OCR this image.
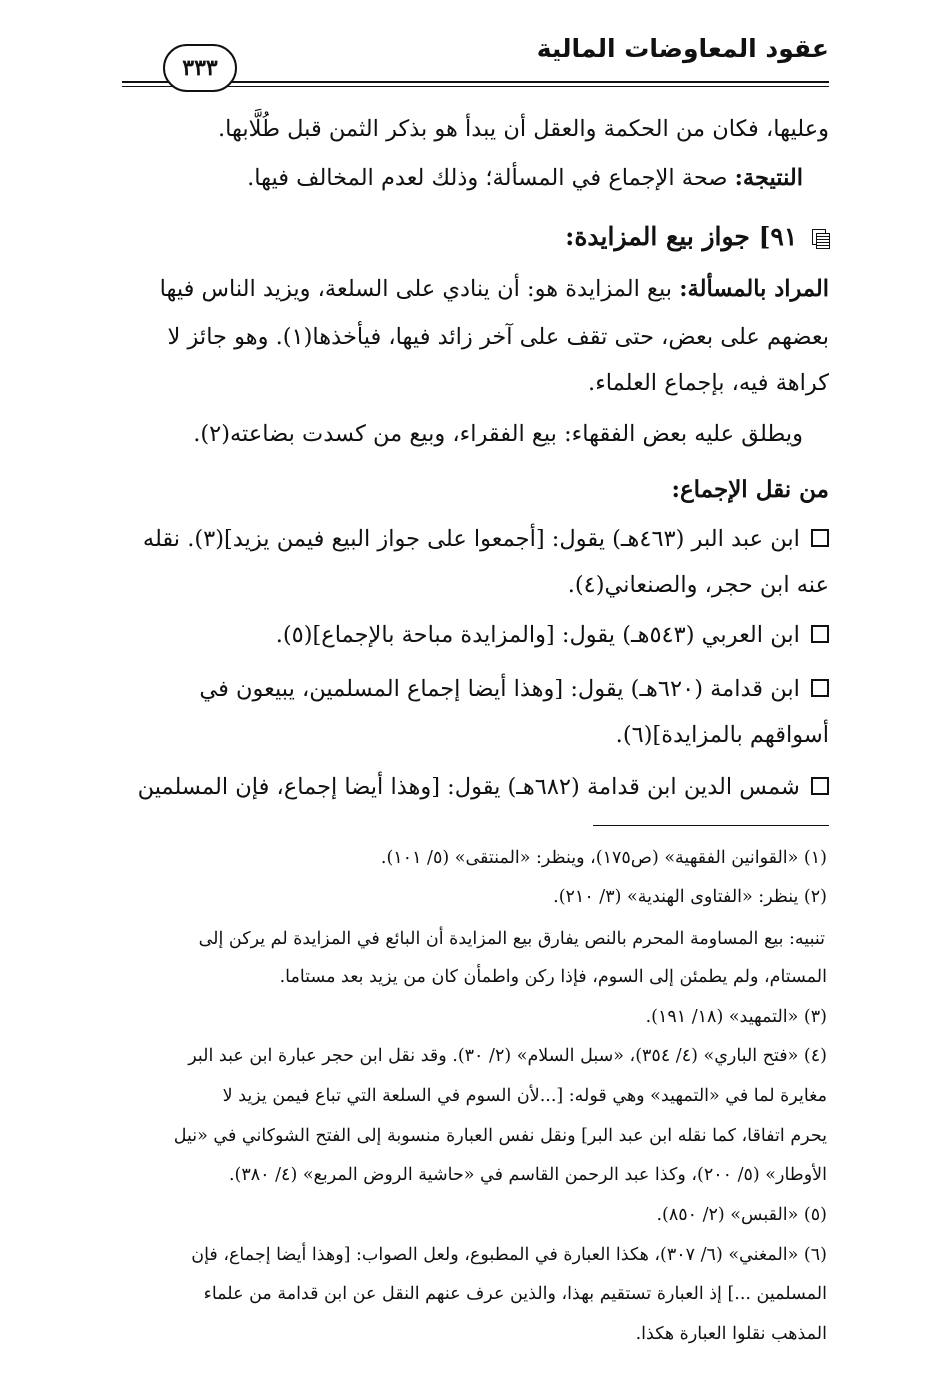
عقود المعاوضات المالية
٣٣٣
وعليها، فكان من الحكمة والعقل أن يبدأ هو بذكر الثمن قبل طُلَّابها.
النتيجة: صحة الإجماع في المسألة؛ وذلك لعدم المخالف فيها.
٩١] جواز بيع المزايدة:
المراد بالمسألة: بيع المزايدة هو: أن ينادي على السلعة، ويزيد الناس فيها
بعضهم على بعض، حتى تقف على آخر زائد فيها، فيأخذها(١). وهو جائز لا
كراهة فيه، بإجماع العلماء.
ويطلق عليه بعض الفقهاء: بيع الفقراء، وبيع من كسدت بضاعته(٢).
من نقل الإجماع:
ابن عبد البر (٤٦٣هـ) يقول: [أجمعوا على جواز البيع فيمن يزيد](٣). نقله
عنه ابن حجر، والصنعاني(٤).
ابن العربي (٥٤٣هـ) يقول: [والمزايدة مباحة بالإجماع](٥).
ابن قدامة (٦٢٠هـ) يقول: [وهذا أيضا إجماع المسلمين، يبيعون في
أسواقهم بالمزايدة](٦).
شمس الدين ابن قدامة (٦٨٢هـ) يقول: [وهذا أيضا إجماع، فإن المسلمين
(١) «القوانين الفقهية» (ص١٧٥)، وينظر: «المنتقى» (٥/ ١٠١).
(٢) ينظر: «الفتاوى الهندية» (٣/ ٢١٠).
تنبيه: بيع المساومة المحرم بالنص يفارق بيع المزايدة أن البائع في المزايدة لم يركن إلى
المستام، ولم يطمئن إلى السوم، فإذا ركن واطمأن كان من يزيد بعد مستاما.
(٣) «التمهيد» (١٨/ ١٩١).
(٤) «فتح الباري» (٤/ ٣٥٤)، «سبل السلام» (٢/ ٣٠). وقد نقل ابن حجر عبارة ابن عبد البر
مغايرة لما في «التمهيد» وهي قوله: [...لأن السوم في السلعة التي تباع فيمن يزيد لا
يحرم اتفاقا، كما نقله ابن عبد البر] ونقل نفس العبارة منسوبة إلى الفتح الشوكاني في «نيل
الأوطار» (٥/ ٢٠٠)، وكذا عبد الرحمن القاسم في «حاشية الروض المربع» (٤/ ٣٨٠).
(٥) «القبس» (٢/ ٨٥٠).
(٦) «المغني» (٦/ ٣٠٧)، هكذا العبارة في المطبوع، ولعل الصواب: [وهذا أيضا إجماع، فإن
المسلمين ...] إذ العبارة تستقيم بهذا، والذين عرف عنهم النقل عن ابن قدامة من علماء
المذهب نقلوا العبارة هكذا.
